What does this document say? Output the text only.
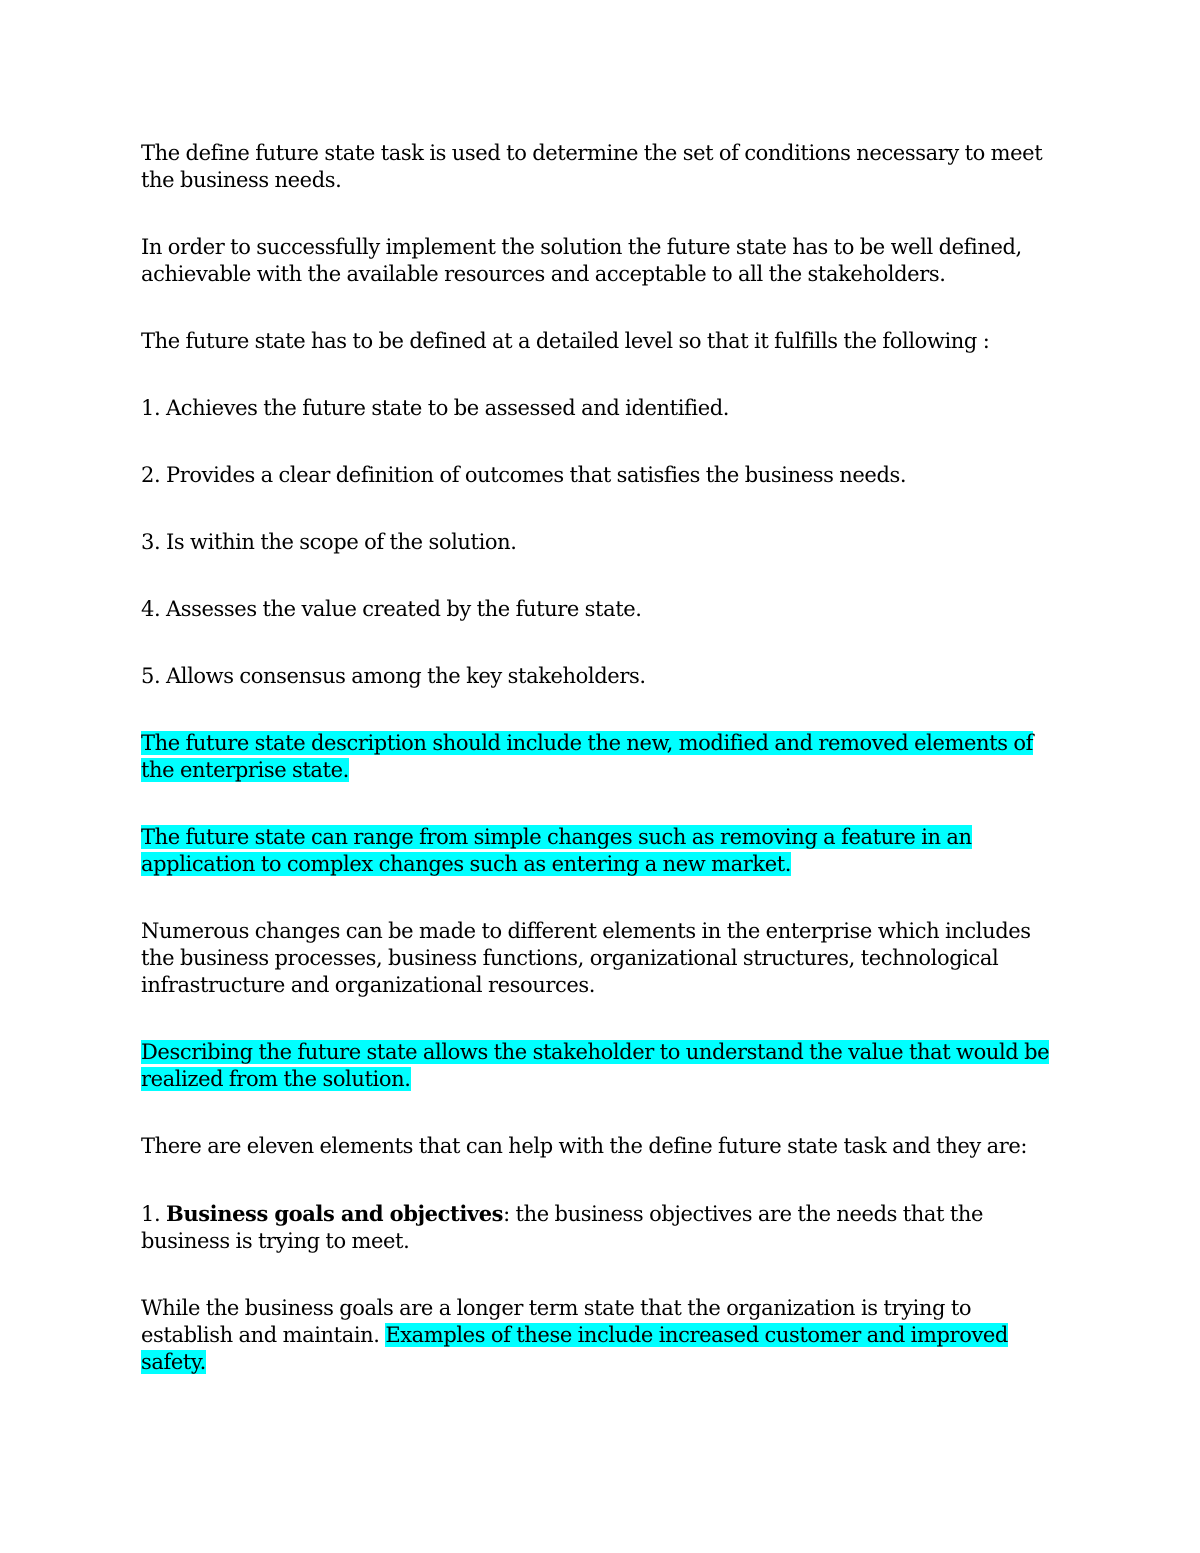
The define future state task is used to determine the set of conditions necessary to meet the business needs.

In order to successfully implement the solution the future state has to be well defined, achievable with the available resources and acceptable to all the stakeholders.

The future state has to be defined at a detailed level so that it fulfills the following :

1. Achieves the future state to be assessed and identified.

2. Provides a clear definition of outcomes that satisfies the business needs.

3. Is within the scope of the solution.

4. Assesses the value created by the future state.

5. Allows consensus among the key stakeholders.

The future state description should include the new, modified and removed elements of the enterprise state.

The future state can range from simple changes such as removing a feature in an application to complex changes such as entering a new market.

Numerous changes can be made to different elements in the enterprise which includes the business processes, business functions, organizational structures, technological infrastructure and organizational resources.

Describing the future state allows the stakeholder to understand the value that would be realized from the solution.

There are eleven elements that can help with the define future state task and they are:

1. Business goals and objectives: the business objectives are the needs that the business is trying to meet.

While the business goals are a longer term state that the organization is trying to establish and maintain. Examples of these include increased customer and improved safety.
